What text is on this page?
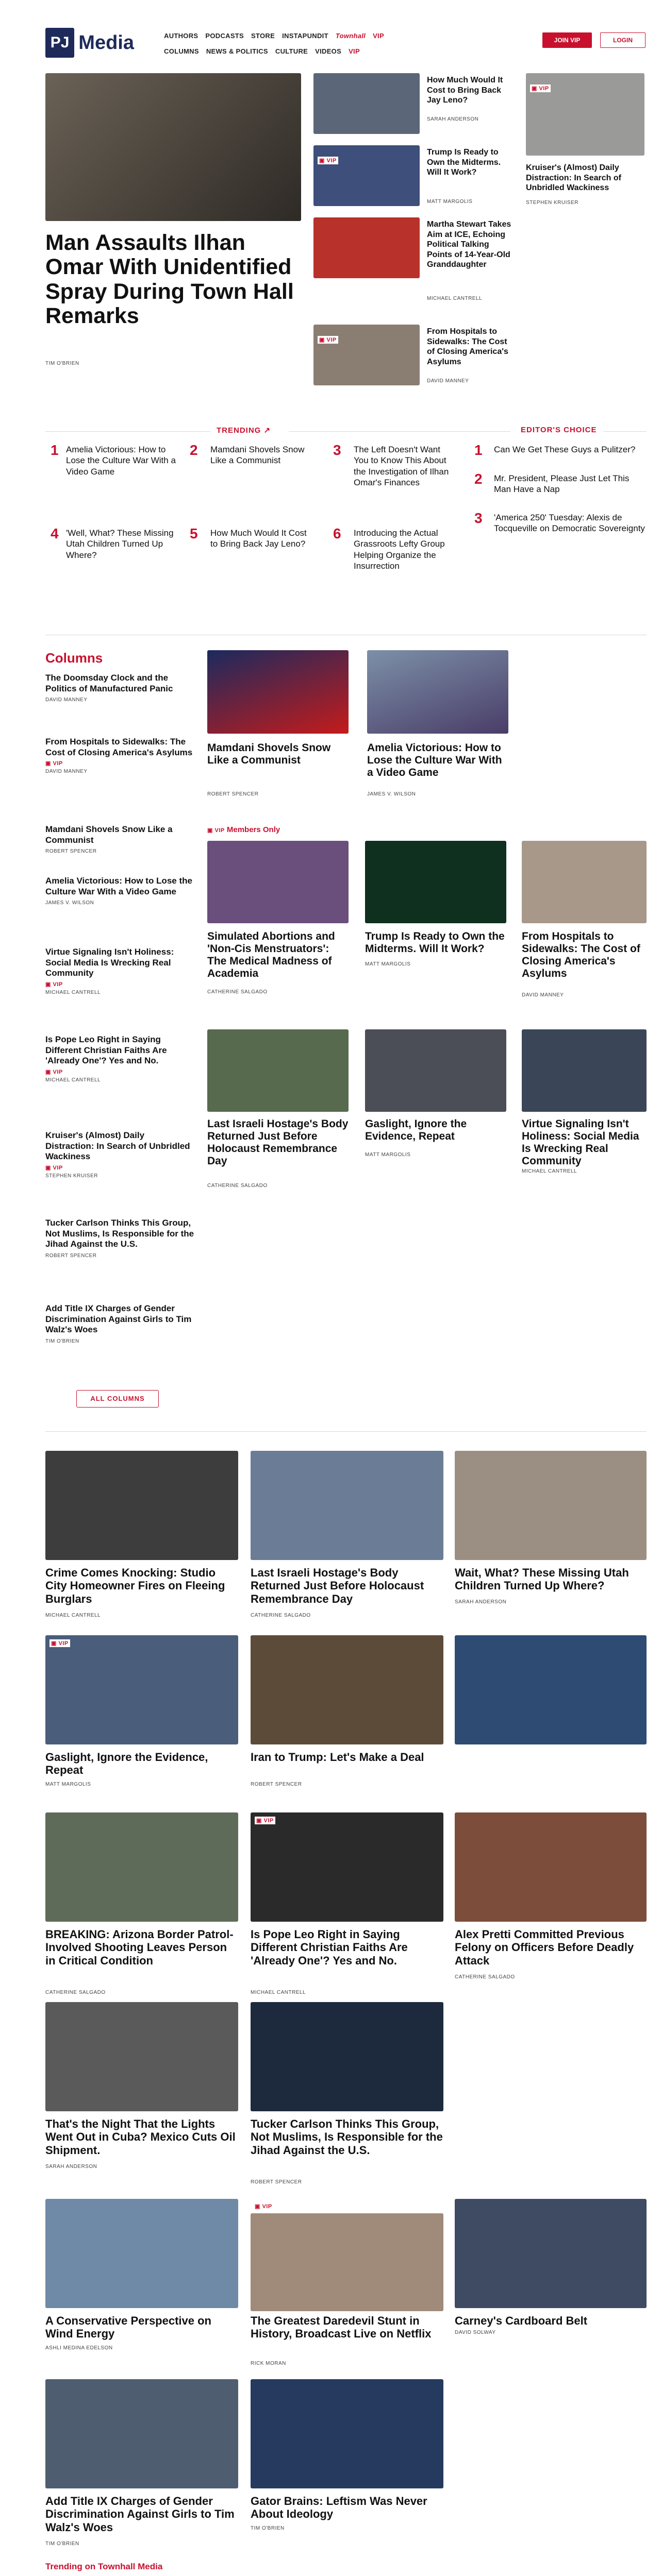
PJ Media	AUTHORS PODCASTS STORE INSTAPUNDIT Townhall VIP
COLUMNS NEWS & POLITICS CULTURE VIDEOS VIP
JOIN VIP	LOGIN
Man Assaults Ilhan Omar With Unidentified Spray During Town Hall Remarks
TIM O'BRIEN
How Much Would It Cost to Bring Back Jay Leno?
SARAH ANDERSON
▣ VIP
Trump Is Ready to Own the Midterms. Will It Work?
MATT MARGOLIS
Martha Stewart Takes Aim at ICE, Echoing Political Talking Points of 14-Year-Old Granddaughter
MICHAEL CANTRELL
▣ VIP
From Hospitals to Sidewalks: The Cost of Closing America's Asylums
DAVID MANNEY
▣ VIP
Kruiser's (Almost) Daily Distraction: In Search of Unbridled Wackiness
STEPHEN KRUISER
TRENDING ↗	EDITOR'S CHOICE
1 Amelia Victorious: How to Lose the Culture War With a Video Game
2 Mamdani Shovels Snow Like a Communist
3 The Left Doesn't Want You to Know This About the Investigation of Ilhan Omar's Finances
4 'Well, What? These Missing Utah Children Turned Up Where?
5 How Much Would It Cost to Bring Back Jay Leno?
6 Introducing the Actual Grassroots Lefty Group Helping Organize the Insurrection
1 Can We Get These Guys a Pulitzer?
2 Mr. President, Please Just Let This Man Have a Nap
3 'America 250' Tuesday: Alexis de Tocqueville on Democratic Sovereignty
Columns
The Doomsday Clock and the Politics of Manufactured Panic
DAVID MANNEY
From Hospitals to Sidewalks: The Cost of Closing America's Asylums
▣ VIP
DAVID MANNEY
Mamdani Shovels Snow Like a Communist
ROBERT SPENCER
Amelia Victorious: How to Lose the Culture War With a Video Game
JAMES V. WILSON
Virtue Signaling Isn't Holiness: Social Media Is Wrecking Real Community
▣ VIP
MICHAEL CANTRELL
Is Pope Leo Right in Saying Different Christian Faiths Are 'Already One'? Yes and No.
▣ VIP
MICHAEL CANTRELL
Kruiser's (Almost) Daily Distraction: In Search of Unbridled Wackiness
▣ VIP
STEPHEN KRUISER
Tucker Carlson Thinks This Group, Not Muslims, Is Responsible for the Jihad Against the U.S.
ROBERT SPENCER
Add Title IX Charges of Gender Discrimination Against Girls to Tim Walz's Woes
TIM O'BRIEN
ALL COLUMNS
Mamdani Shovels Snow Like a Communist
ROBERT SPENCER
Amelia Victorious: How to Lose the Culture War With a Video Game
JAMES V. WILSON
▣ VIP Members Only
Simulated Abortions and 'Non-Cis Menstruators': The Medical Madness of Academia
CATHERINE SALGADO
Trump Is Ready to Own the Midterms. Will It Work?
MATT MARGOLIS
From Hospitals to Sidewalks: The Cost of Closing America's Asylums
DAVID MANNEY
Last Israeli Hostage's Body Returned Just Before Holocaust Remembrance Day
CATHERINE SALGADO
Gaslight, Ignore the Evidence, Repeat
MATT MARGOLIS
Virtue Signaling Isn't Holiness: Social Media Is Wrecking Real Community
MICHAEL CANTRELL
Crime Comes Knocking: Studio City Homeowner Fires on Fleeing Burglars
MICHAEL CANTRELL
Last Israeli Hostage's Body Returned Just Before Holocaust Remembrance Day
CATHERINE SALGADO
Wait, What? These Missing Utah Children Turned Up Where?
SARAH ANDERSON
▣ VIP
Gaslight, Ignore the Evidence, Repeat
MATT MARGOLIS
Iran to Trump: Let's Make a Deal
ROBERT SPENCER
BREAKING: Arizona Border Patrol-Involved Shooting Leaves Person in Critical Condition
CATHERINE SALGADO
▣ VIP
Is Pope Leo Right in Saying Different Christian Faiths Are 'Already One'? Yes and No.
MICHAEL CANTRELL
Alex Pretti Committed Previous Felony on Officers Before Deadly Attack
CATHERINE SALGADO
That's the Night That the Lights Went Out in Cuba? Mexico Cuts Oil Shipment.
SARAH ANDERSON
Tucker Carlson Thinks This Group, Not Muslims, Is Responsible for the Jihad Against the U.S.
ROBERT SPENCER
A Conservative Perspective on Wind Energy
ASHLI MEDINA EDELSON
▣ VIP
The Greatest Daredevil Stunt in History, Broadcast Live on Netflix
RICK MORAN
Carney's Cardboard Belt
DAVID SOLWAY
Add Title IX Charges of Gender Discrimination Against Girls to Tim Walz's Woes
TIM O'BRIEN
Gator Brains: Leftism Was Never About Ideology
TIM O'BRIEN
Trending on Townhall Media
